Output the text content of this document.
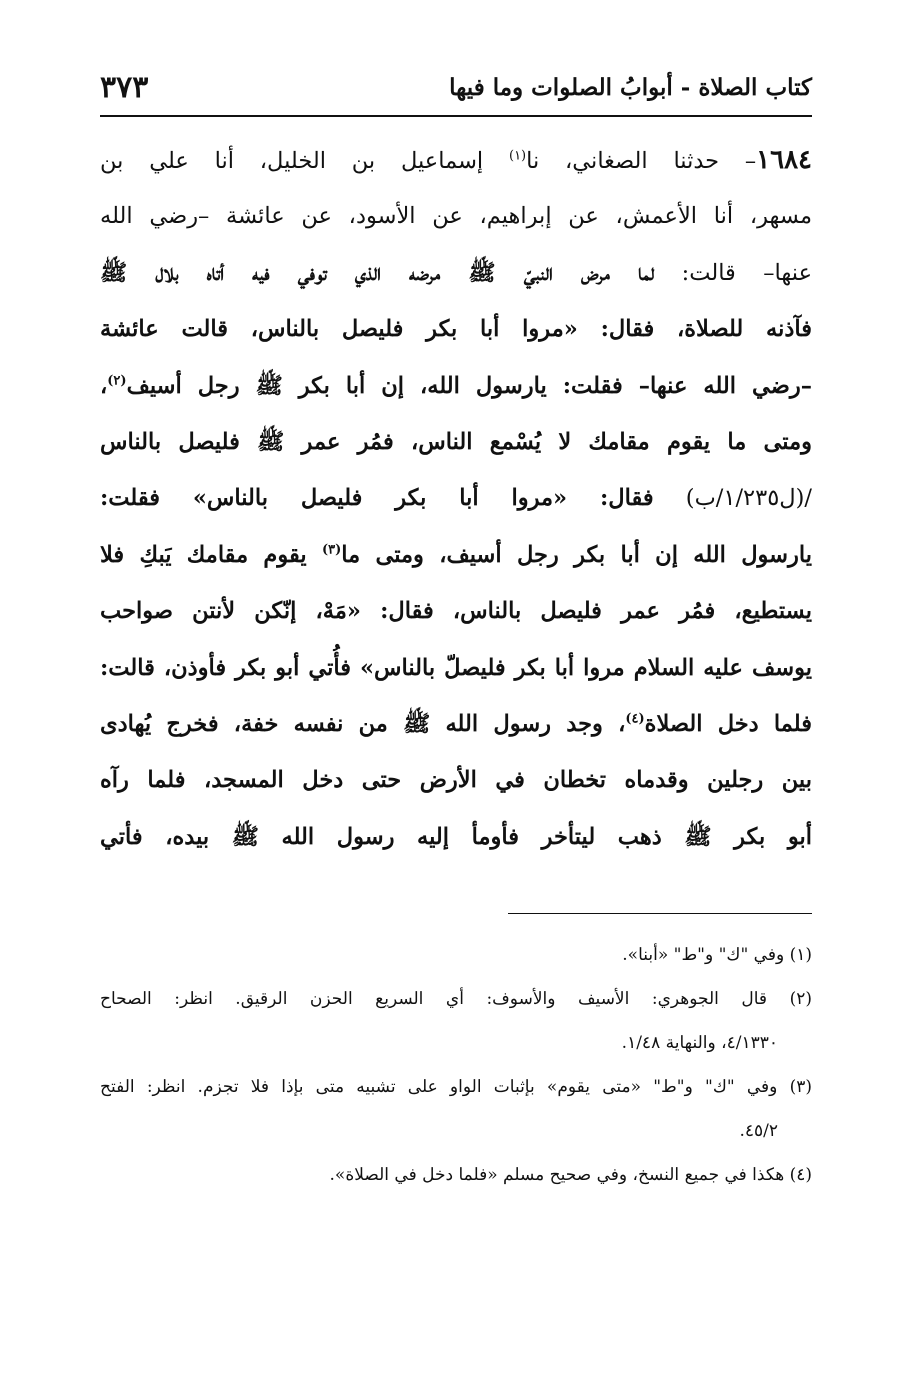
كتاب الصلاة - أبوابُ الصلوات وما فيها
٣٧٣
١٦٨٤– حدثنا الصغاني، نا$^{(١)}$ إسماعيل بن الخليل، أنا علي بن
مسهر، أنا الأعمش، عن إبراهيم، عن الأسود، عن عائشة –رضي الله
عنها– قالت: لما مرض النبيّ ﷺ مرضه الذي توفي فيه أتاه بلال ﷺ
فآذنه للصلاة، فقال: «مروا أبا بكر فليصل بالناس، قالت عائشة
–رضي الله عنها– فقلت: يارسول الله، إن أبا بكر ﷺ رجل أسيف$^{(٢)}$،
ومتى ما يقوم مقامك لا يُسْمع الناس، فمُر عمر ﷺ فليصل بالناس
/(ل١/٢٣٥/ب) فقال: «مروا أبا بكر فليصل بالناس» فقلت:
يارسول الله إن أبا بكر رجل أسيف، ومتى ما$^{(٣)}$ يقوم مقامك يَبكِ فلا
يستطيع، فمُر عمر فليصل بالناس، فقال: «مَهْ، إنّكن لأنتن صواحب
يوسف عليه السلام مروا أبا بكر فليصلّ بالناس» فأُتي أبو بكر فأوذن، قالت:
فلما دخل الصلاة$^{(٤)}$، وجد رسول الله ﷺ من نفسه خفة، فخرج يُهادى
بين رجلين وقدماه تخطان في الأرض حتى دخل المسجد، فلما رآه
أبو بكر ﷺ ذهب ليتأخر فأومأ إليه رسول الله ﷺ بيده، فأتي
(١) وفي "ك" و"ط" «أبنا».
(٢) قال الجوهري: الأسيف والأسوف: أي السريع الحزن الرقيق. انظر: الصحاح
٤/١٣٣٠، والنهاية ١/٤٨.
(٣) وفي "ك" و"ط" «متى يقوم» بإثبات الواو على تشبيه متى بإذا فلا تجزم. انظر: الفتح
٤٥/٢.
(٤) هكذا في جميع النسخ، وفي صحيح مسلم «فلما دخل في الصلاة».
